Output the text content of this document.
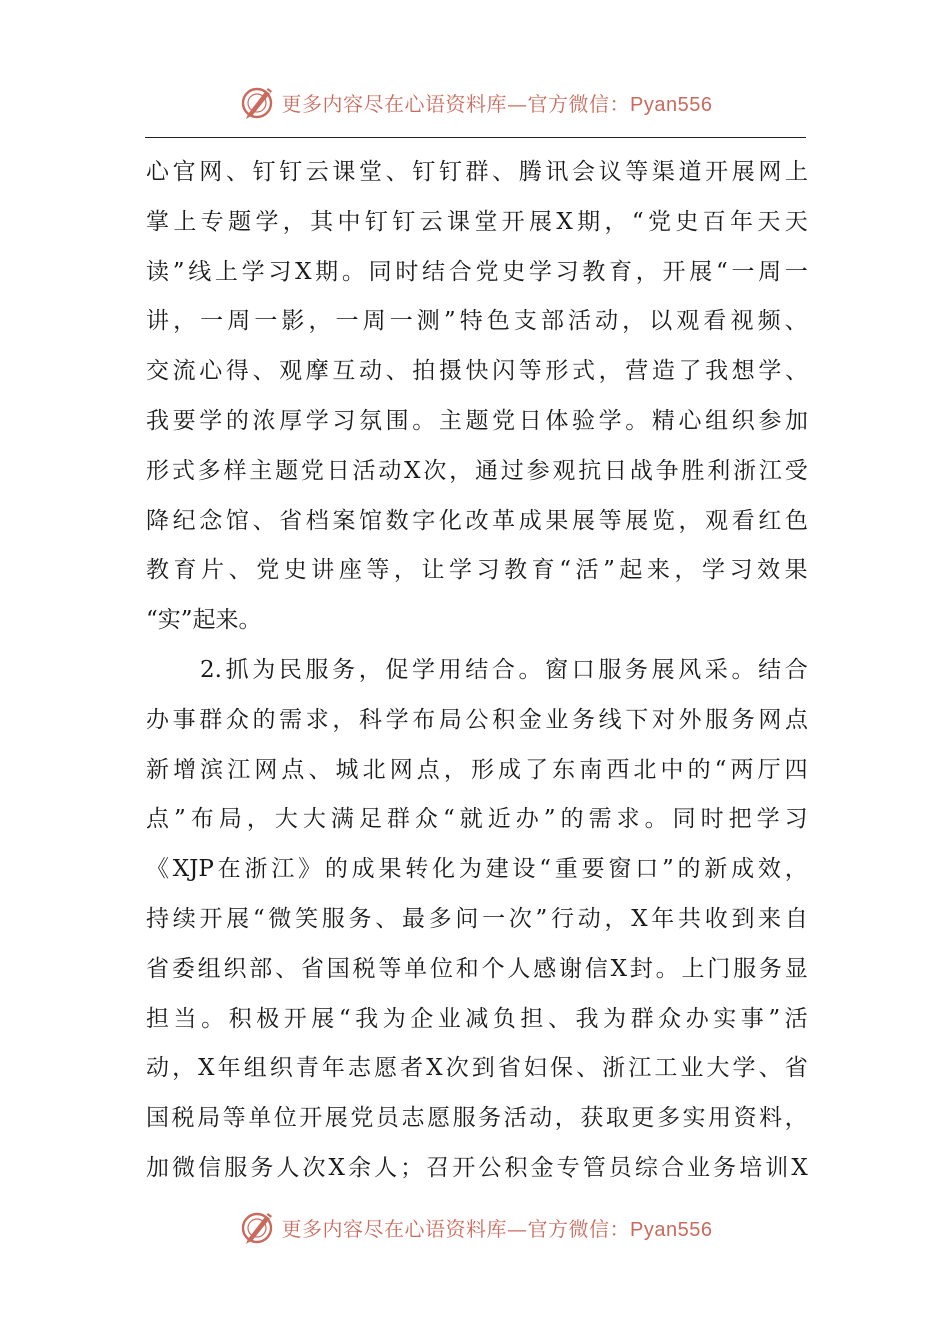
更多内容尽在心语资料库—官方微信：Pyan556
心 官 网 、 钉 钉 云 课 堂 、 钉 钉 群 、 腾 讯 会 议 等 渠 道 开 展 网 上
掌 上 专 题 学 ， 其 中 钉 钉 云 课 堂 开 展 X 期 ， “ 党 史 百 年 天 天
读 ” 线 上 学 习 X 期 。 同 时 结 合 党 史 学 习 教 育 ， 开 展 “ 一 周 一
讲 ， 一 周 一 影 ， 一 周 一 测 ” 特 色 支 部 活 动 ， 以 观 看 视 频 、
交 流 心 得 、 观 摩 互 动 、 拍 摄 快 闪 等 形 式 ， 营 造 了 我 想 学 、
我 要 学 的 浓 厚 学 习 氛 围 。 主 题 党 日 体 验 学 。 精 心 组 织 参 加
形 式 多 样 主 题 党 日 活 动 X 次 ， 通 过 参 观 抗 日 战 争 胜 利 浙 江 受
降 纪 念 馆 、 省 档 案 馆 数 字 化 改 革 成 果 展 等 展 览 ， 观 看 红 色
教 育 片 、 党 史 讲 座 等 ， 让 学 习 教 育 “ 活 ” 起 来 ， 学 习 效 果
“实”起来。
2. 抓 为 民 服 务 ， 促 学 用 结 合 。 窗 口 服 务 展 风 采 。 结 合
办 事 群 众 的 需 求 ， 科 学 布 局 公 积 金 业 务 线 下 对 外 服 务 网 点
新 增 滨 江 网 点 、 城 北 网 点 ， 形 成 了 东 南 西 北 中 的 “ 两 厅 四
点 ” 布 局 ， 大 大 满 足 群 众 “ 就 近 办 ” 的 需 求 。 同 时 把 学 习
《 XJP 在 浙 江 》 的 成 果 转 化 为 建 设 “ 重 要 窗 口 ” 的 新 成 效 ，
持 续 开 展 “ 微 笑 服 务 、 最 多 问 一 次 ” 行 动 ， X 年 共 收 到 来 自
省 委 组 织 部 、 省 国 税 等 单 位 和 个 人 感 谢 信 X 封 。 上 门 服 务 显
担 当 。 积 极 开 展 “ 我 为 企 业 减 负 担 、 我 为 群 众 办 实 事 ” 活
动 ， X 年 组 织 青 年 志 愿 者 X 次 到 省 妇 保 、 浙 江 工 业 大 学 、 省
国 税 局 等 单 位 开 展 党 员 志 愿 服 务 活 动 ， 获 取 更 多 实 用 资 料 ，
加 微 信 服 务 人 次 X 余 人 ； 召 开 公 积 金 专 管 员 综 合 业 务 培 训 X
更多内容尽在心语资料库—官方微信：Pyan556
